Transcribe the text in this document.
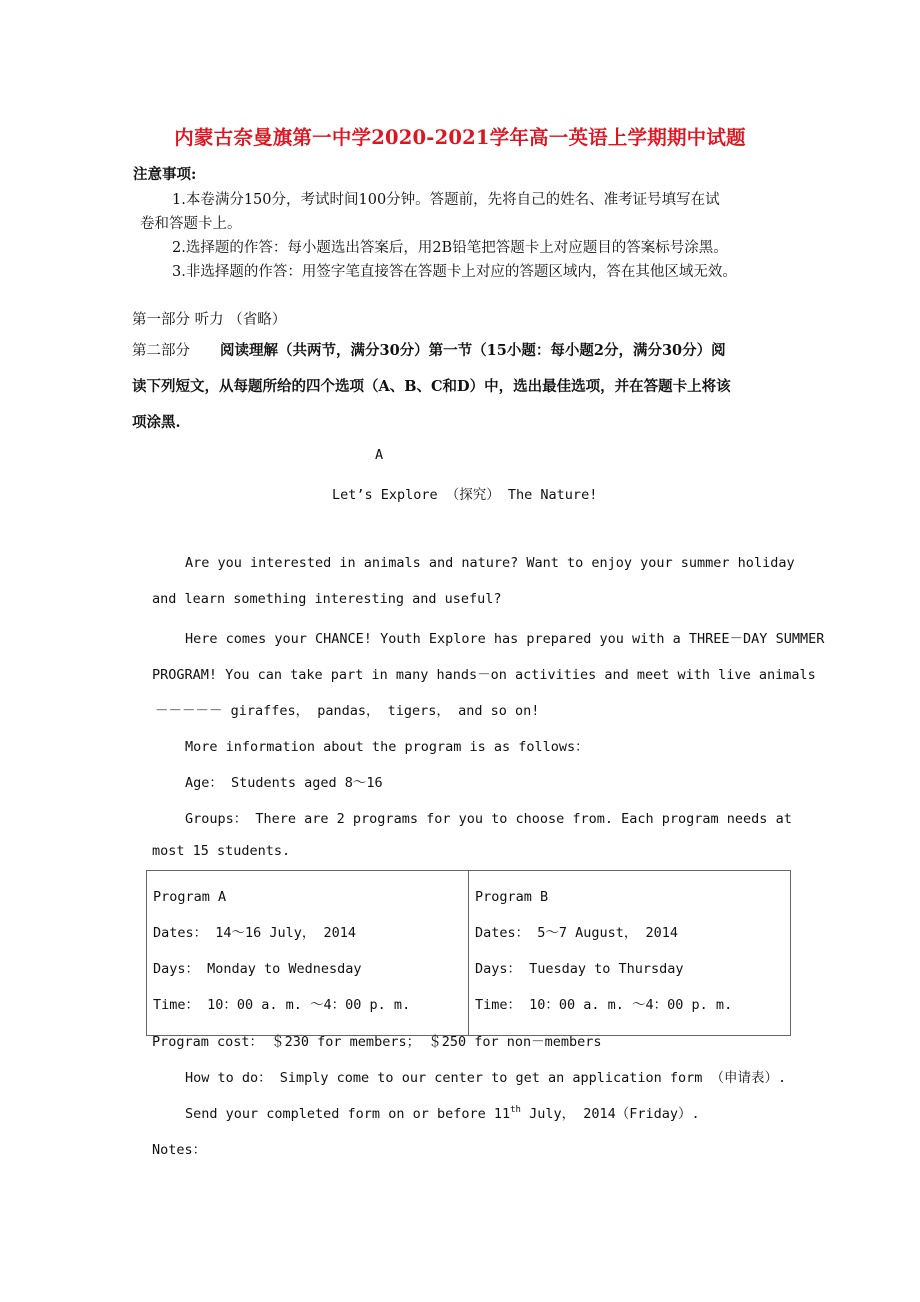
内蒙古奈曼旗第一中学2020-2021学年高一英语上学期期中试题
注意事项:
1.本卷满分150分，考试时间100分钟。答题前，先将自己的姓名、准考证号填写在试
卷和答题卡上。
2.选择题的作答：每小题选出答案后，用2B铅笔把答题卡上对应题目的答案标号涂黑。
3.非选择题的作答：用签字笔直接答在答题卡上对应的答题区域内，答在其他区域无效。
第一部分 听力 （省略）
第二部分 阅读理解（共两节，满分30分）第一节（15小题：每小题2分，满分30分）阅
读下列短文，从每题所给的四个选项（A、B、C和D）中，选出最佳选项，并在答题卡上将该
项涂黑.
A
Let’s Explore （探究） The Nature!
Are you interested in animals and nature? Want to enjoy your summer holiday
and learn something interesting and useful?
Here comes your CHANCE! Youth Explore has prepared you with a THREE－DAY SUMMER
PROGRAM! You can take part in many hands－on activities and meet with live animals
－－－－－ giraffes， pandas， tigers， and so on!
More information about the program is as follows：
Age： Students aged 8～16
Groups： There are 2 programs for you to choose from. Each program needs at
most 15 students.
Program A
Dates： 14～16 July， 2014
Days： Monday to Wednesday
Time： 10：00 a. m. ～4：00 p. m.

Program B
Dates： 5～7 August， 2014
Days： Tuesday to Thursday
Time： 10：00 a. m. ～4：00 p. m.
Program cost： ＄230 for members； ＄250 for non－members
How to do： Simply come to our center to get an application form （申请表）.
Send your completed form on or before 11th July， 2014（Friday）.
Notes：
